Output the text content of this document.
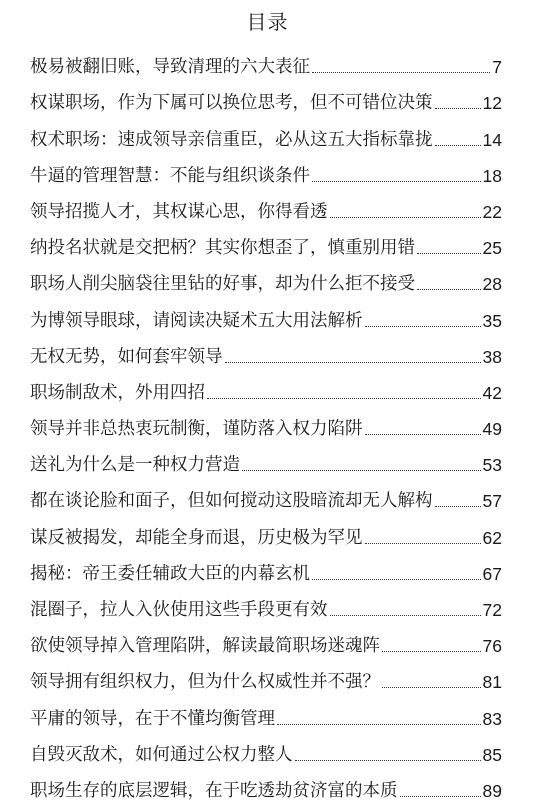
目录
极易被翻旧账，导致清理的六大表征	7
权谋职场，作为下属可以换位思考，但不可错位决策	12
权术职场：速成领导亲信重臣，必从这五大指标靠拢	14
牛逼的管理智慧：不能与组织谈条件	18
领导招揽人才，其权谋心思，你得看透	22
纳投名状就是交把柄？其实你想歪了，慎重别用错	25
职场人削尖脑袋往里钻的好事，却为什么拒不接受	28
为博领导眼球，请阅读决疑术五大用法解析	35
无权无势，如何套牢领导	38
职场制敌术，外用四招	42
领导并非总热衷玩制衡，谨防落入权力陷阱	49
送礼为什么是一种权力营造	53
都在谈论脸和面子，但如何搅动这股暗流却无人解构	57
谋反被揭发，却能全身而退，历史极为罕见	62
揭秘：帝王委任辅政大臣的内幕玄机	67
混圈子，拉人入伙使用这些手段更有效	72
欲使领导掉入管理陷阱，解读最简职场迷魂阵	76
领导拥有组织权力，但为什么权威性并不强？	81
平庸的领导，在于不懂均衡管理	83
自毁灭敌术，如何通过公权力整人	85
职场生存的底层逻辑，在于吃透劫贫济富的本质	89
